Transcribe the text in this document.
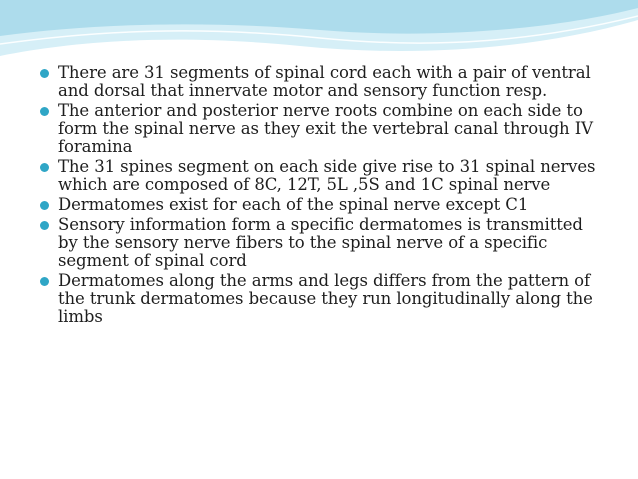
There are 31 segments of spinal cord each with a pair of ventral and dorsal that innervate motor and sensory function resp.
The anterior and posterior nerve roots combine on each side to form the spinal nerve as they exit the vertebral canal through IV foramina
The 31 spines segment on each side give rise to 31 spinal nerves which are composed of 8C, 12T, 5L ,5S and 1C spinal nerve
Dermatomes exist for each of the spinal nerve except C1
Sensory information form a specific dermatomes is transmitted by the sensory nerve fibers to the spinal nerve of a specific segment of spinal cord
Dermatomes along the arms and legs differs from the pattern of the trunk dermatomes because they run longitudinally along the limbs
